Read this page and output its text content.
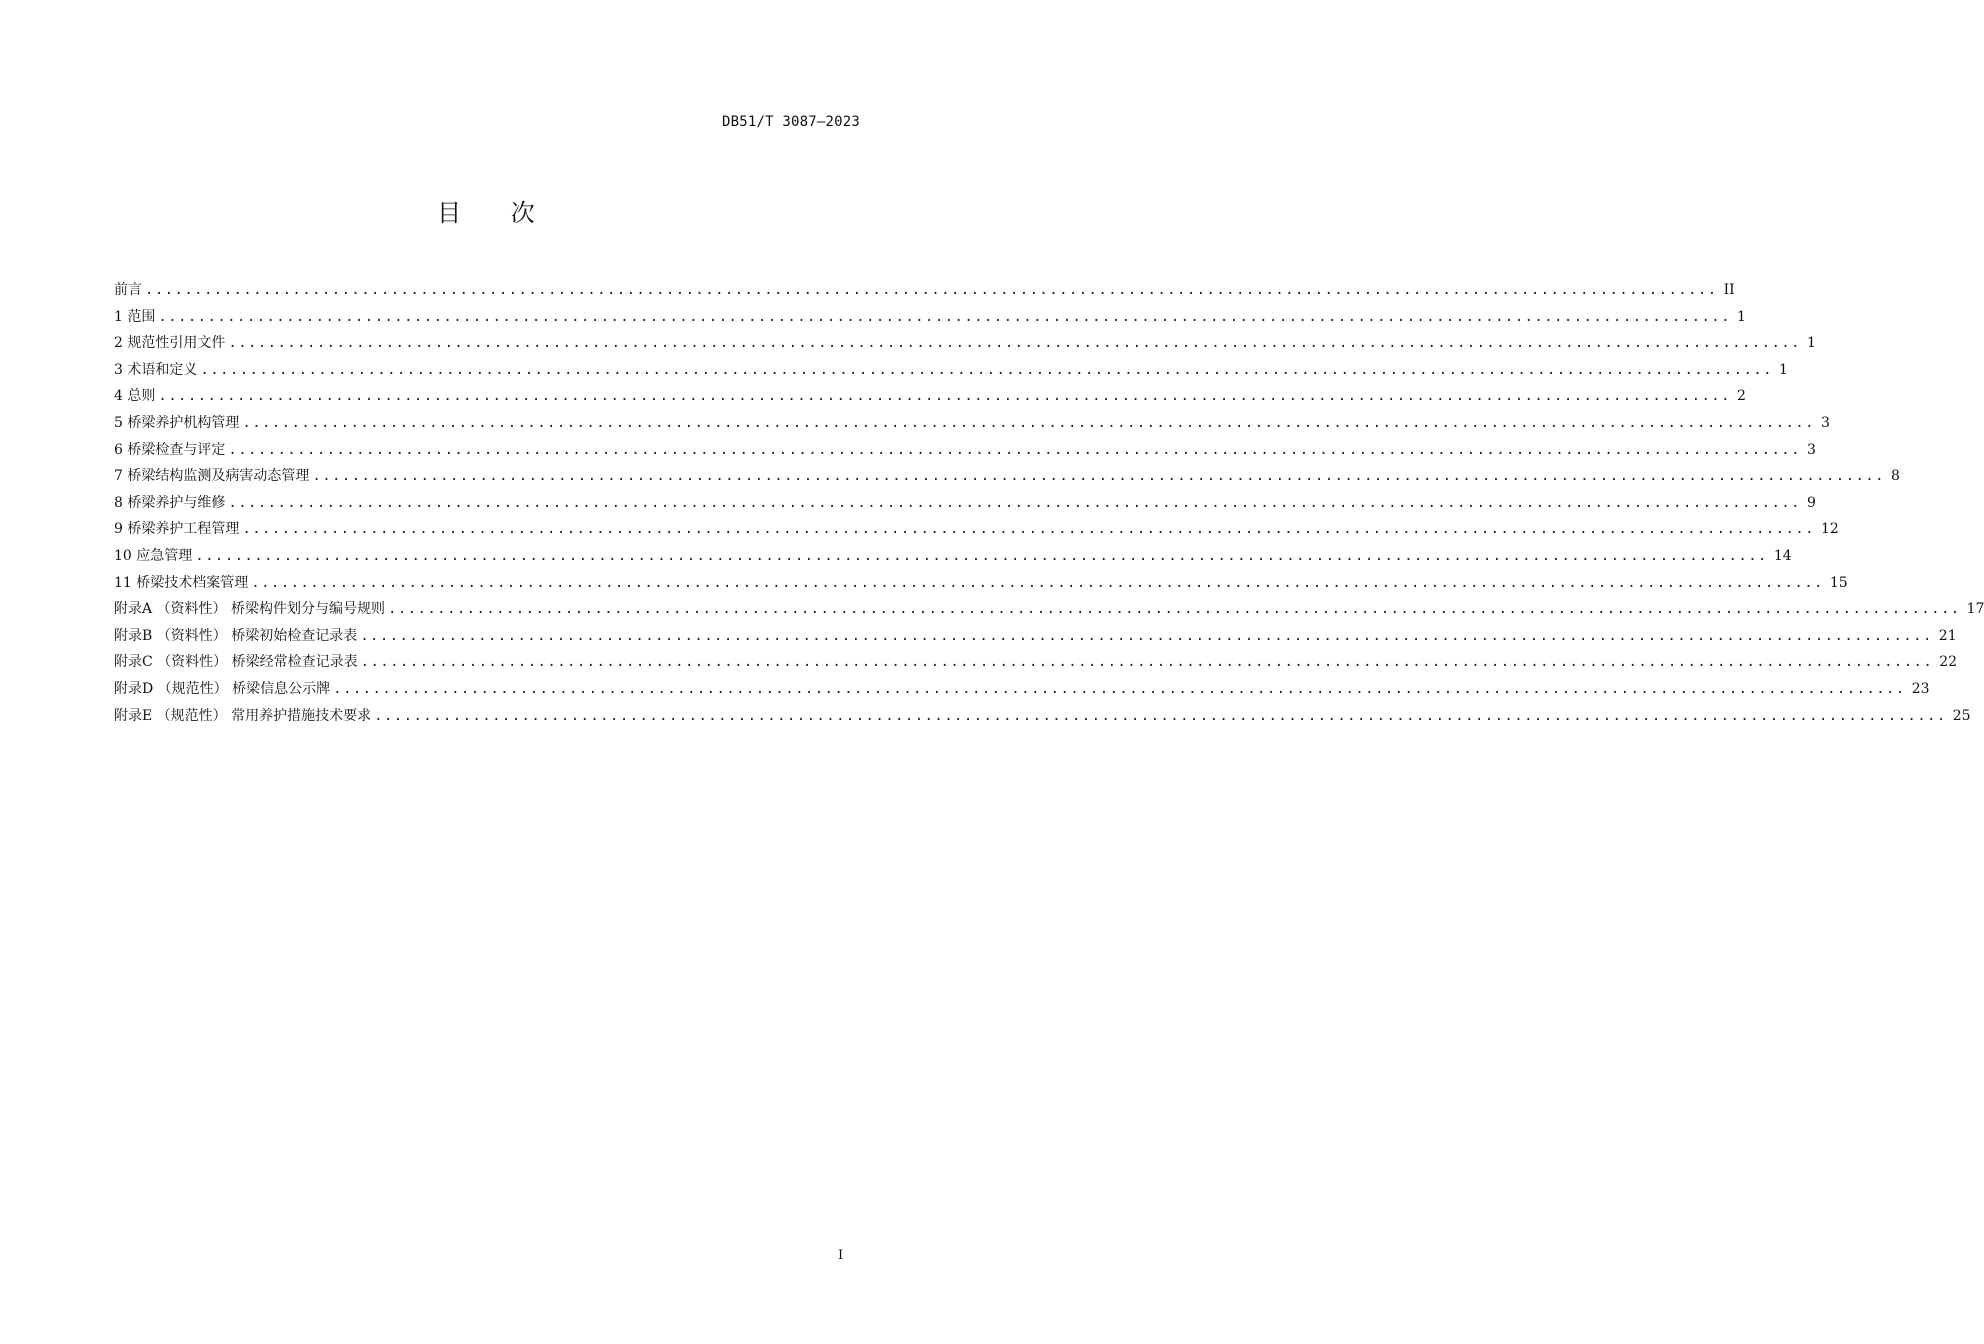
DB51/T 3087—2023
目 次
前言 ................................................................................................................................................................ II
1 范围 ................................................................................................................................................................ 1
2 规范性引用文件 ................................................................................................................................................................ 1
3 术语和定义 ................................................................................................................................................................ 1
4 总则 ................................................................................................................................................................ 2
5 桥梁养护机构管理 ................................................................................................................................................................ 3
6 桥梁检查与评定 ................................................................................................................................................................ 3
7 桥梁结构监测及病害动态管理 ................................................................................................................................................................ 8
8 桥梁养护与维修 ................................................................................................................................................................ 9
9 桥梁养护工程管理 ................................................................................................................................................................ 12
10 应急管理 ................................................................................................................................................................ 14
11 桥梁技术档案管理 ................................................................................................................................................................ 15
附录A （资料性） 桥梁构件划分与编号规则 ................................................................................................................................................................ 17
附录B （资料性） 桥梁初始检查记录表 ................................................................................................................................................................ 21
附录C （资料性） 桥梁经常检查记录表 ................................................................................................................................................................ 22
附录D （规范性） 桥梁信息公示牌 ................................................................................................................................................................ 23
附录E （规范性） 常用养护措施技术要求 ................................................................................................................................................................ 25
I
